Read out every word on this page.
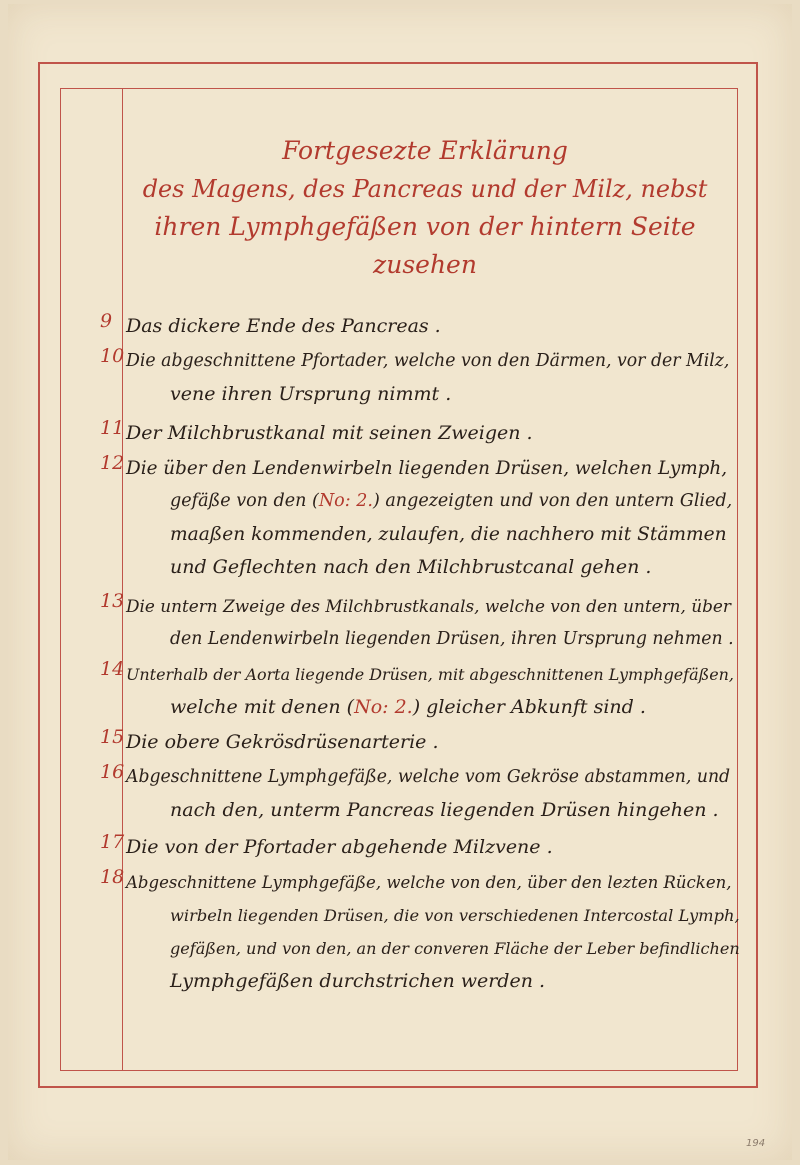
Fortgesezte Erklärung
des Magens, des Pancreas und der Milz, nebst
ihren Lymphgefäßen von der hintern Seite
zusehen
9 Das dickere Ende des Pancreas .
10 Die abgeschnittene Pfortader, welche von den Därmen, vor der Milz,
vene ihren Ursprung nimmt .
11 Der Milchbrustkanal mit seinen Zweigen .
12 Die über den Lendenwirbeln liegenden Drüsen, welchen Lymph,
gefäße von den (No: 2.) angezeigten und von den untern Glied,
maaßen kommenden, zulaufen, die nachhero mit Stämmen
und Geflechten nach den Milchbrustcanal gehen .
13 Die untern Zweige des Milchbrustkanals, welche von den untern, über
den Lendenwirbeln liegenden Drüsen, ihren Ursprung nehmen .
14 Unterhalb der Aorta liegende Drüsen, mit abgeschnittenen Lymphgefäßen,
welche mit denen (No: 2.) gleicher Abkunft sind .
15 Die obere Gekrösdrüsenarterie .
16 Abgeschnittene Lymphgefäße, welche vom Gekröse abstammen, und
nach den, unterm Pancreas liegenden Drüsen hingehen .
17 Die von der Pfortader abgehende Milzvene .
18 Abgeschnittene Lymphgefäße, welche von den, über den lezten Rücken,
wirbeln liegenden Drüsen, die von verschiedenen Intercostal Lymph,
gefäßen, und von den, an der converen Fläche der Leber befindlichen
Lymphgefäßen durchstrichen werden .
194
